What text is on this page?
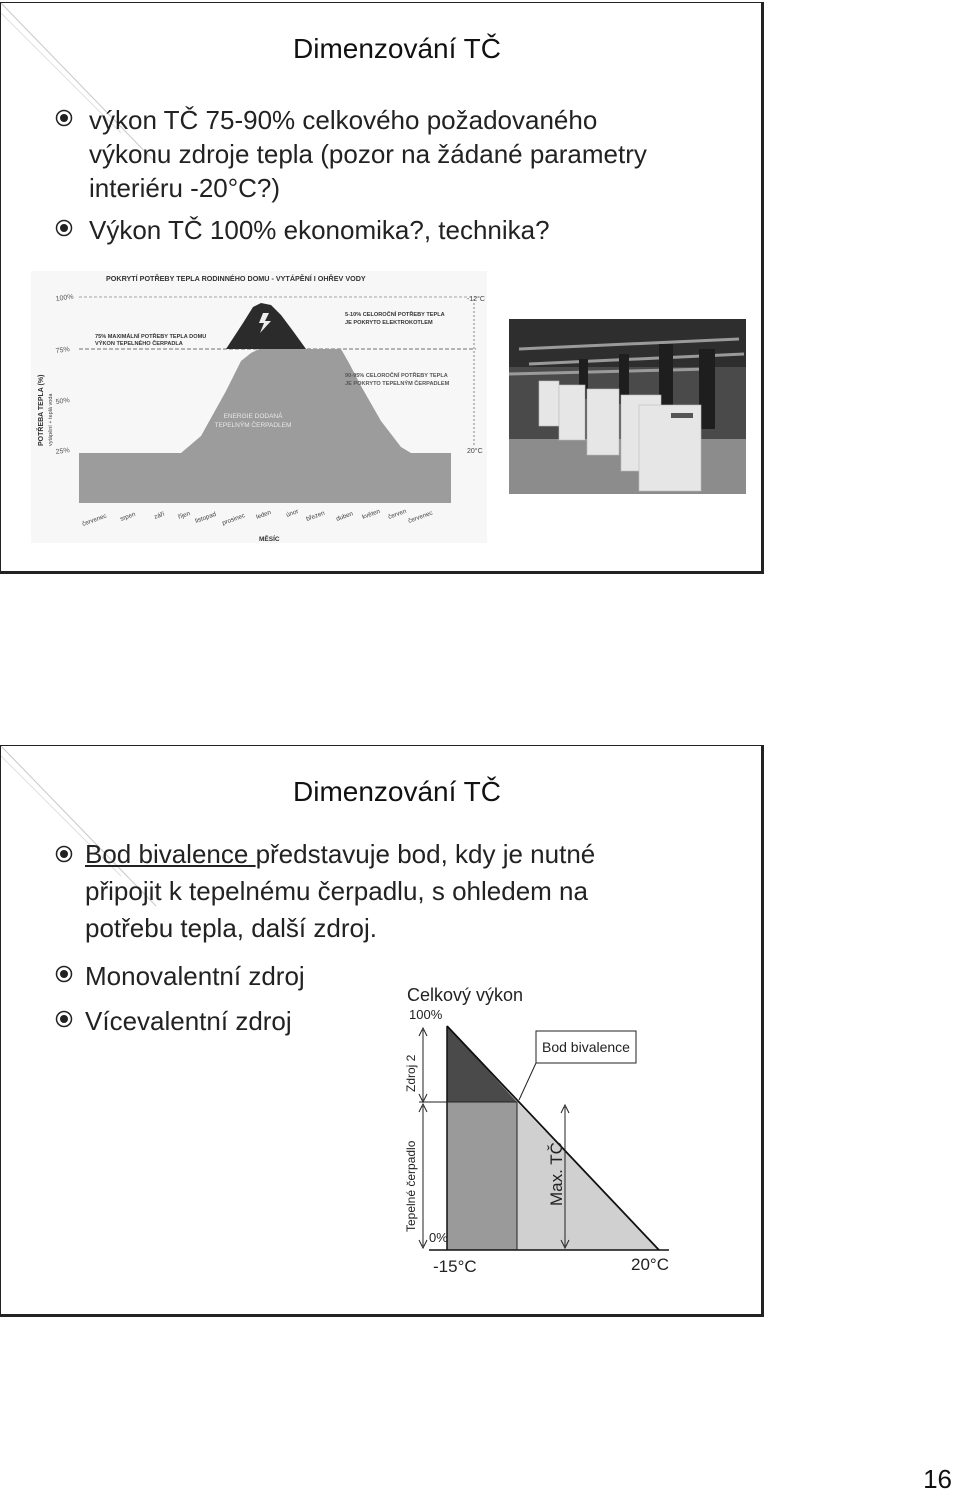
Dimenzování TČ
výkon TČ 75-90% celkového požadovaného
výkonu zdroje tepla (pozor na žádané parametry
interiéru -20°C?)
Výkon TČ 100% ekonomika?, technika?
POKRYTÍ POTŘEBY TEPLA RODINNÉHO DOMU - VYTÁPĚNÍ I OHŘEV VODY
POTŘEBA TEPLA (%) vytápění + teplá voda
100%
75%
50%
25%
75% MAXIMÁLNÍ POTŘEBY TEPLA DOMU
VÝKON TEPELNÉHO ČERPADLA
5-10% CELOROČNÍ POTŘEBY TEPLA
JE POKRYTO ELEKTROKOTLEM
90-95% CELOROČNÍ POTŘEBY TEPLA
JE POKRYTO TEPELNÝM ČERPADLEM
ENERGIE DODANÁ
TEPELNÝM ČERPADLEM
-12°C
20°C
červenec srpen	září říjen listopad prosinec leden únor březen duben květen červen červenec
MĚSÍC
Dimenzování TČ
Bod bivalence představuje bod, kdy je nutné
připojit k tepelnému čerpadlu, s ohledem na
potřebu tepla, další zdroj.
Monovalentní zdroj
Vícevalentní zdroj
Celkový výkon
100%
Zdroj 2
Tepelné čerpadlo	Max. TČ
Bod bivalence
0%
-15°C	20°C
16
